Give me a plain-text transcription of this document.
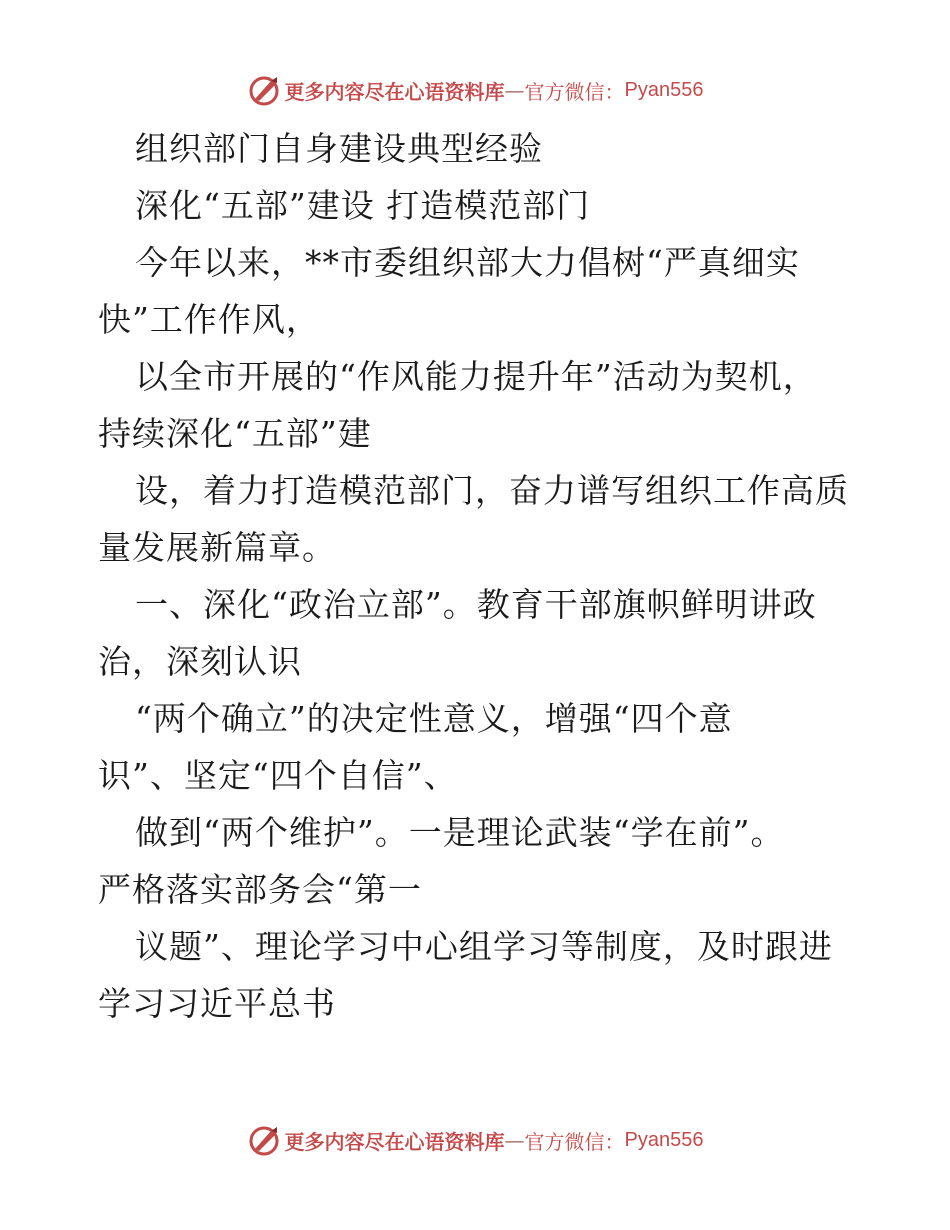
更多内容尽在心语资料库 — 官方微信： Pyan556
组织部门自身建设典型经验
深化“五部”建设 打造模范部门
今年以来，**市委组织部大力倡树“严真细实
快”工作作风，
以全市开展的“作风能力提升年”活动为契机，
持续深化“五部”建
设，着力打造模范部门，奋力谱写组织工作高质
量发展新篇章。
一、深化“政治立部”。教育干部旗帜鲜明讲政
治，深刻认识
“两个确立”的决定性意义，增强“四个意
识”、坚定“四个自信”、
做到“两个维护”。一是理论武装“学在前”。
严格落实部务会“第一
议题”、理论学习中心组学习等制度，及时跟进
学习习近平总书
更多内容尽在心语资料库 — 官方微信： Pyan556
